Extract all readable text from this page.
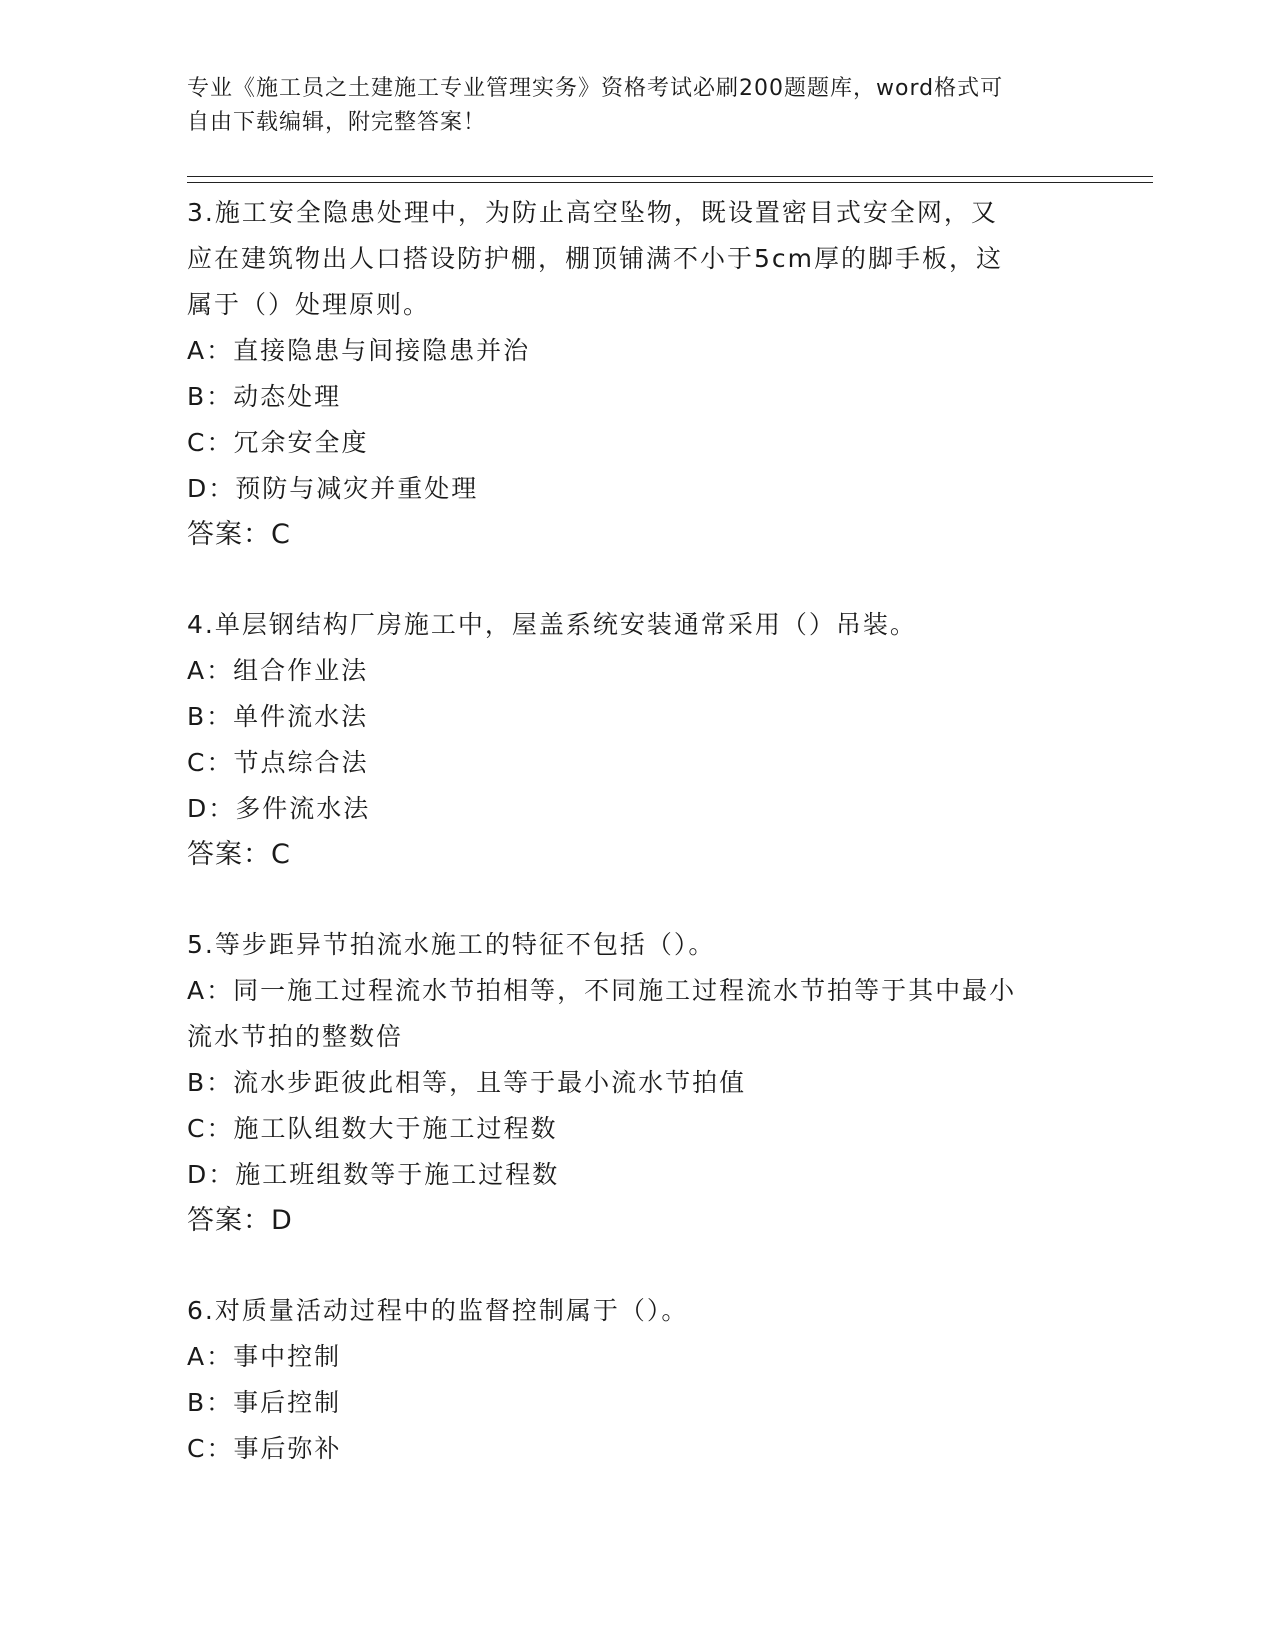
专业《施工员之土建施工专业管理实务》资格考试必刷200题题库，word格式可
自由下载编辑，附完整答案！
3.施工安全隐患处理中，为防止高空坠物，既设置密目式安全网，又
应在建筑物出人口搭设防护棚，棚顶铺满不小于5cm厚的脚手板，这
属于（）处理原则。
A：直接隐患与间接隐患并治
B：动态处理
C：冗余安全度
D：预防与减灾并重处理
答案：C
4.单层钢结构厂房施工中，屋盖系统安装通常采用（）吊装。
A：组合作业法
B：单件流水法
C：节点综合法
D：多件流水法
答案：C
5.等步距异节拍流水施工的特征不包括（）。
A：同一施工过程流水节拍相等，不同施工过程流水节拍等于其中最小
流水节拍的整数倍
B：流水步距彼此相等，且等于最小流水节拍值
C：施工队组数大于施工过程数
D：施工班组数等于施工过程数
答案：D
6.对质量活动过程中的监督控制属于（）。
A：事中控制
B：事后控制
C：事后弥补
